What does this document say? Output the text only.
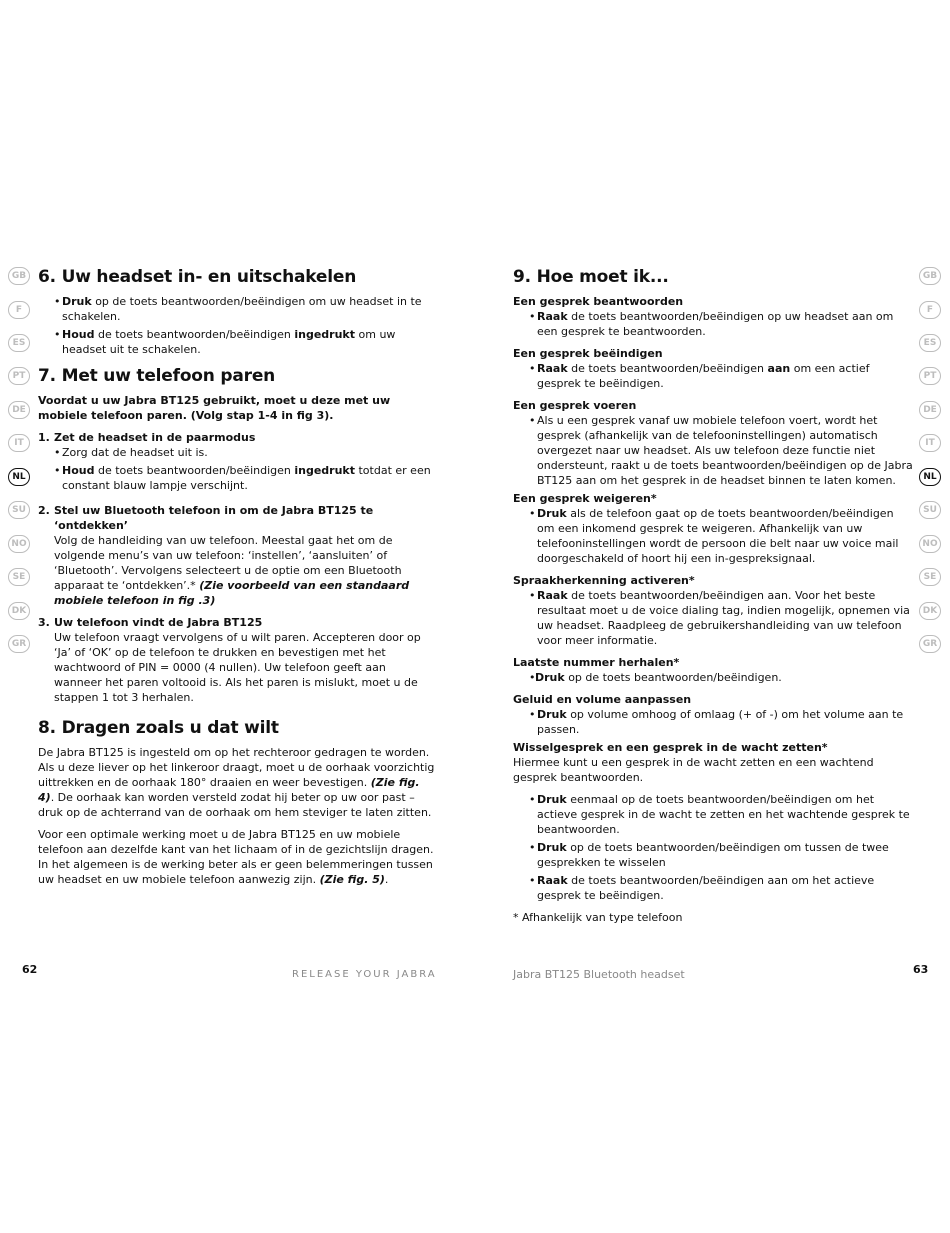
GB
F
ES
PT
DE
IT
NL
SU
NO
SE
DK
GR
GB
F
ES
PT
DE
IT
NL
SU
NO
SE
DK
GR
6. Uw headset in- en uitschakelen
• Druk op de toets beantwoorden/beëindigen om uw headset in te schakelen.
• Houd de toets beantwoorden/beëindigen ingedrukt om uw headset uit te schakelen.
7. Met uw telefoon paren

Voordat u uw Jabra BT125 gebruikt, moet u deze met uw mobiele telefoon paren. (Volg stap 1-4 in fig 3).

1. Zet de headset in de paarmodus
• Zorg dat de headset uit is.
• Houd de toets beantwoorden/beëindigen ingedrukt totdat er een constant blauw lampje verschijnt.
2. Stel uw Bluetooth telefoon in om de Jabra BT125 te ‘ontdekken’
Volg de handleiding van uw telefoon. Meestal gaat het om de volgende menu’s van uw telefoon: ‘instellen’, ‘aansluiten’ of ‘Bluetooth’. Vervolgens selecteert u de optie om een Bluetooth apparaat te ‘ontdekken’.* (Zie voorbeeld van een standaard mobiele telefoon in fig .3)
3. Uw telefoon vindt de Jabra BT125
Uw telefoon vraagt vervolgens of u wilt paren. Accepteren door op ‘Ja’ of ‘OK’ op de telefoon te drukken en bevestigen met het wachtwoord of PIN = 0000 (4 nullen). Uw telefoon geeft aan wanneer het paren voltooid is. Als het paren is mislukt, moet u de stappen 1 tot 3 herhalen.
8. Dragen zoals u dat wilt

De Jabra BT125 is ingesteld om op het rechteroor gedragen te worden. Als u deze liever op het linkeroor draagt, moet u de oorhaak voorzichtig uittrekken en de oorhaak 180° draaien en weer bevestigen. (Zie fig. 4). De oorhaak kan worden versteld zodat hij beter op uw oor past – druk op de achterrand van de oorhaak om hem steviger te laten zitten.

Voor een optimale werking moet u de Jabra BT125 en uw mobiele telefoon aan dezelfde kant van het lichaam of in de gezichtslijn dragen. In het algemeen is de werking beter als er geen belemmeringen tussen uw headset en uw mobiele telefoon aanwezig zijn. (Zie fig. 5).

9. Hoe moet ik...

Een gesprek beantwoorden

• Raak de toets beantwoorden/beëindigen op uw headset aan om een gesprek te beantwoorden.

Een gesprek beëindigen

• Raak de toets beantwoorden/beëindigen aan om een actief gesprek te beëindigen.

Een gesprek voeren

• Als u een gesprek vanaf uw mobiele telefoon voert, wordt het gesprek (afhankelijk van de telefooninstellingen) automatisch overgezet naar uw headset. Als uw telefoon deze functie niet ondersteunt, raakt u de toets beantwoorden/beëindigen op de Jabra BT125 aan om het gesprek in de headset binnen te laten komen.

Een gesprek weigeren*

• Druk als de telefoon gaat op de toets beantwoorden/beëindigen om een inkomend gesprek te weigeren. Afhankelijk van uw telefooninstellingen wordt de persoon die belt naar uw voice mail doorgeschakeld of hoort hij een in-gespreksignaal.

Spraakherkenning activeren*

• Raak de toets beantwoorden/beëindigen aan. Voor het beste resultaat moet u de voice dialing tag, indien mogelijk, opnemen via uw headset. Raadpleeg de gebruikershandleiding van uw telefoon voor meer informatie.

Laatste nummer herhalen*

• Druk op de toets beantwoorden/beëindigen.

Geluid en volume aanpassen

• Druk op volume omhoog of omlaag (+ of -) om het volume aan te passen.

Wisselgesprek en een gesprek in de wacht zetten*

Hiermee kunt u een gesprek in de wacht zetten en een wachtend gesprek beantwoorden.

• Druk eenmaal op de toets beantwoorden/beëindigen om het actieve gesprek in de wacht te zetten en het wachtende gesprek te beantwoorden.
• Druk op de toets beantwoorden/beëindigen om tussen de twee gesprekken te wisselen
• Raak de toets beantwoorden/beëindigen aan om het actieve gesprek te beëindigen.

* Afhankelijk van type telefoon

62	RELEASE YOUR JABRA	Jabra BT125 Bluetooth headset	63
